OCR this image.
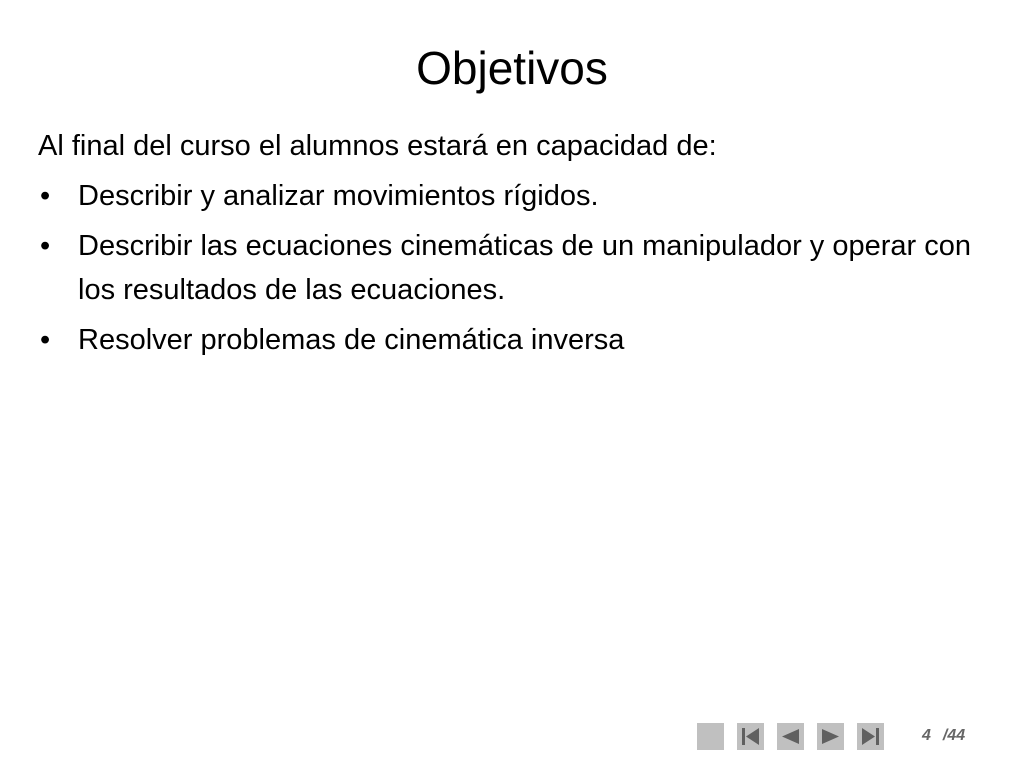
Objetivos
Al final del curso el alumnos estará en capacidad de:
• Describir y analizar movimientos rígidos.
• Describir las ecuaciones cinemáticas de un manipulador y operar con los resultados de las ecuaciones.
• Resolver problemas de cinemática inversa
4 /44
